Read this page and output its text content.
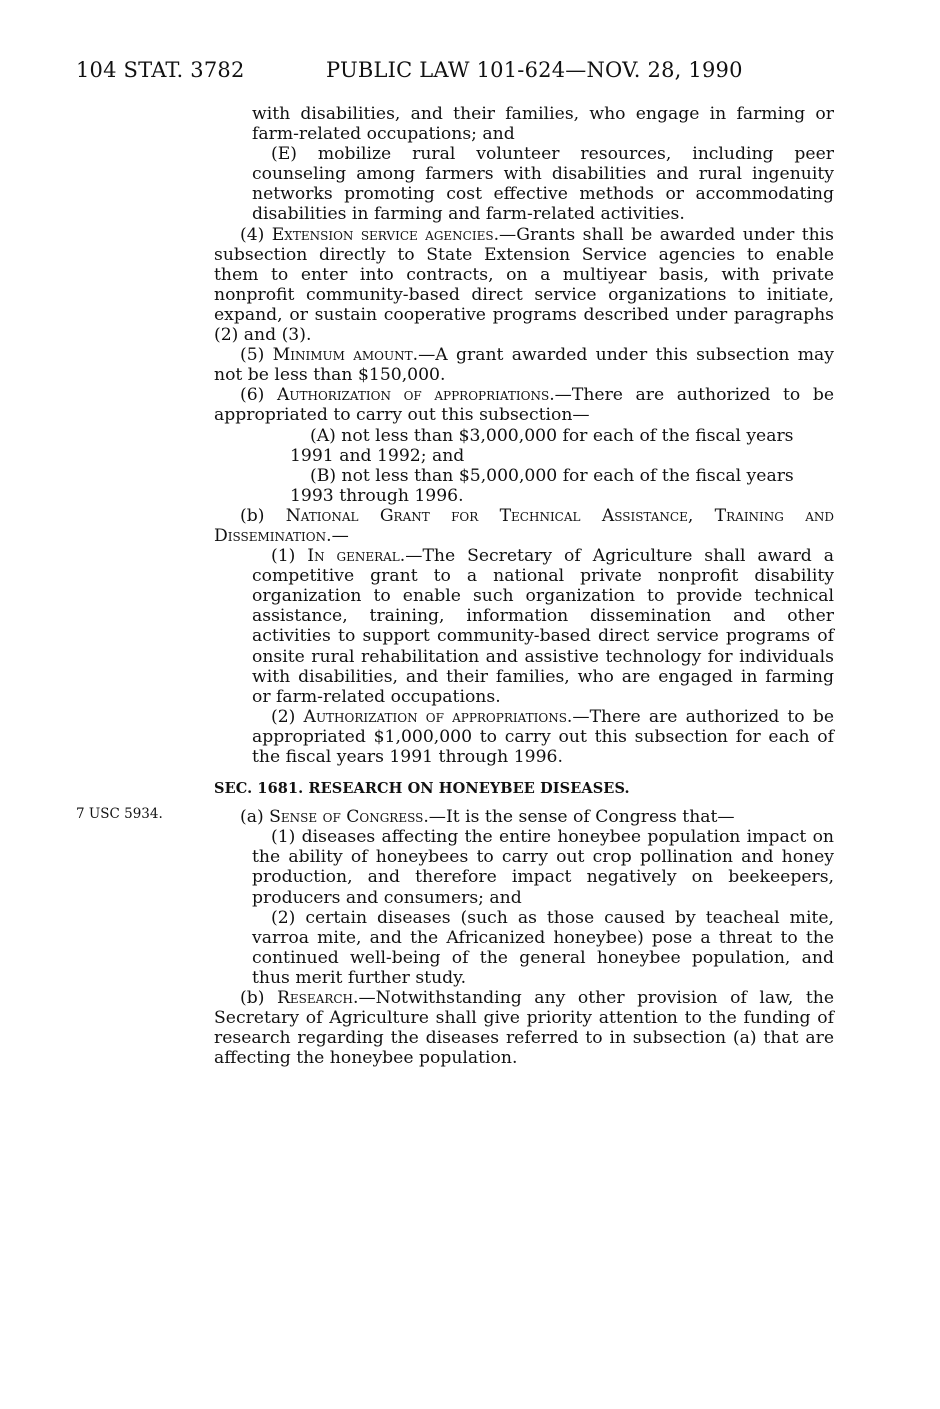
104 STAT. 3782	PUBLIC LAW 101-624—NOV. 28, 1990
7 USC 5934.

with disabilities, and their families, who engage in farming or farm-related occupations; and

(E) mobilize rural volunteer resources, including peer counseling among farmers with disabilities and rural ingenuity networks promoting cost effective methods or accommodating disabilities in farming and farm-related activities.

(4) Extension service agencies.—Grants shall be awarded under this subsection directly to State Extension Service agencies to enable them to enter into contracts, on a multiyear basis, with private nonprofit community-based direct service organizations to initiate, expand, or sustain cooperative programs described under paragraphs (2) and (3).

(5) Minimum amount.—A grant awarded under this subsection may not be less than $150,000.

(6) Authorization of appropriations.—There are authorized to be appropriated to carry out this subsection—

(A) not less than $3,000,000 for each of the fiscal years

1991 and 1992; and

(B) not less than $5,000,000 for each of the fiscal years

1993 through 1996.

(b) National Grant for Technical Assistance, Training and Dissemination.—

(1) In general.—The Secretary of Agriculture shall award a competitive grant to a national private nonprofit disability organization to enable such organization to provide technical assistance, training, information dissemination and other activities to support community-based direct service programs of onsite rural rehabilitation and assistive technology for individuals with disabilities, and their families, who are engaged in farming or farm-related occupations.

(2) Authorization of appropriations.—There are authorized to be appropriated $1,000,000 to carry out this subsection for each of the fiscal years 1991 through 1996.

SEC. 1681. RESEARCH ON HONEYBEE DISEASES.

(a) Sense of Congress.—It is the sense of Congress that—

(1) diseases affecting the entire honeybee population impact on the ability of honeybees to carry out crop pollination and honey production, and therefore impact negatively on beekeepers, producers and consumers; and

(2) certain diseases (such as those caused by teacheal mite, varroa mite, and the Africanized honeybee) pose a threat to the continued well-being of the general honeybee population, and thus merit further study.

(b) Research.—Notwithstanding any other provision of law, the Secretary of Agriculture shall give priority attention to the funding of research regarding the diseases referred to in subsection (a) that are affecting the honeybee population.
